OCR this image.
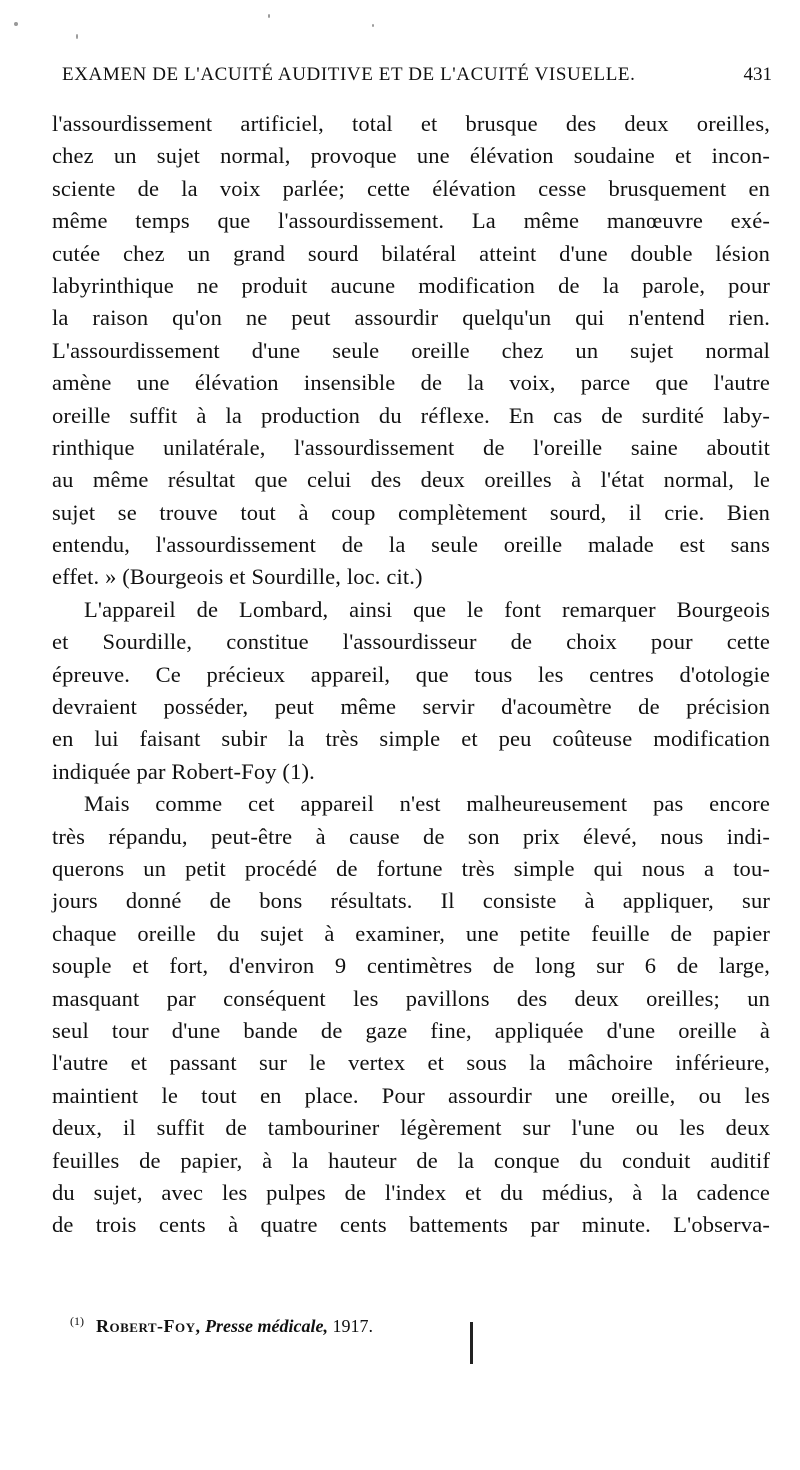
EXAMEN DE L'ACUITÉ AUDITIVE ET DE L'ACUITÉ VISUELLE.	431
l'assourdissement artificiel, total et brusque des deux oreilles,
chez un sujet normal, provoque une élévation soudaine et incon-
sciente de la voix parlée; cette élévation cesse brusquement en
même temps que l'assourdissement. La même manœuvre exé-
cutée chez un grand sourd bilatéral atteint d'une double lésion
labyrinthique ne produit aucune modification de la parole, pour
la raison qu'on ne peut assourdir quelqu'un qui n'entend rien.
L'assourdissement d'une seule oreille chez un sujet normal
amène une élévation insensible de la voix, parce que l'autre
oreille suffit à la production du réflexe. En cas de surdité laby-
rinthique unilatérale, l'assourdissement de l'oreille saine aboutit
au même résultat que celui des deux oreilles à l'état normal, le
sujet se trouve tout à coup complètement sourd, il crie. Bien
entendu, l'assourdissement de la seule oreille malade est sans
effet. » (Bourgeois et Sourdille, loc. cit.)
L'appareil de Lombard, ainsi que le font remarquer Bourgeois
et Sourdille, constitue l'assourdisseur de choix pour cette
épreuve. Ce précieux appareil, que tous les centres d'otologie
devraient posséder, peut même servir d'acoumètre de précision
en lui faisant subir la très simple et peu coûteuse modification
indiquée par Robert-Foy (1).
Mais comme cet appareil n'est malheureusement pas encore
très répandu, peut-être à cause de son prix élevé, nous indi-
querons un petit procédé de fortune très simple qui nous a tou-
jours donné de bons résultats. Il consiste à appliquer, sur
chaque oreille du sujet à examiner, une petite feuille de papier
souple et fort, d'environ 9 centimètres de long sur 6 de large,
masquant par conséquent les pavillons des deux oreilles; un
seul tour d'une bande de gaze fine, appliquée d'une oreille à
l'autre et passant sur le vertex et sous la mâchoire inférieure,
maintient le tout en place. Pour assourdir une oreille, ou les
deux, il suffit de tambouriner légèrement sur l'une ou les deux
feuilles de papier, à la hauteur de la conque du conduit auditif
du sujet, avec les pulpes de l'index et du médius, à la cadence
de trois cents à quatre cents battements par minute. L'observa-
$^{(1)}$ Robert-Foy, Presse médicale, 1917.
